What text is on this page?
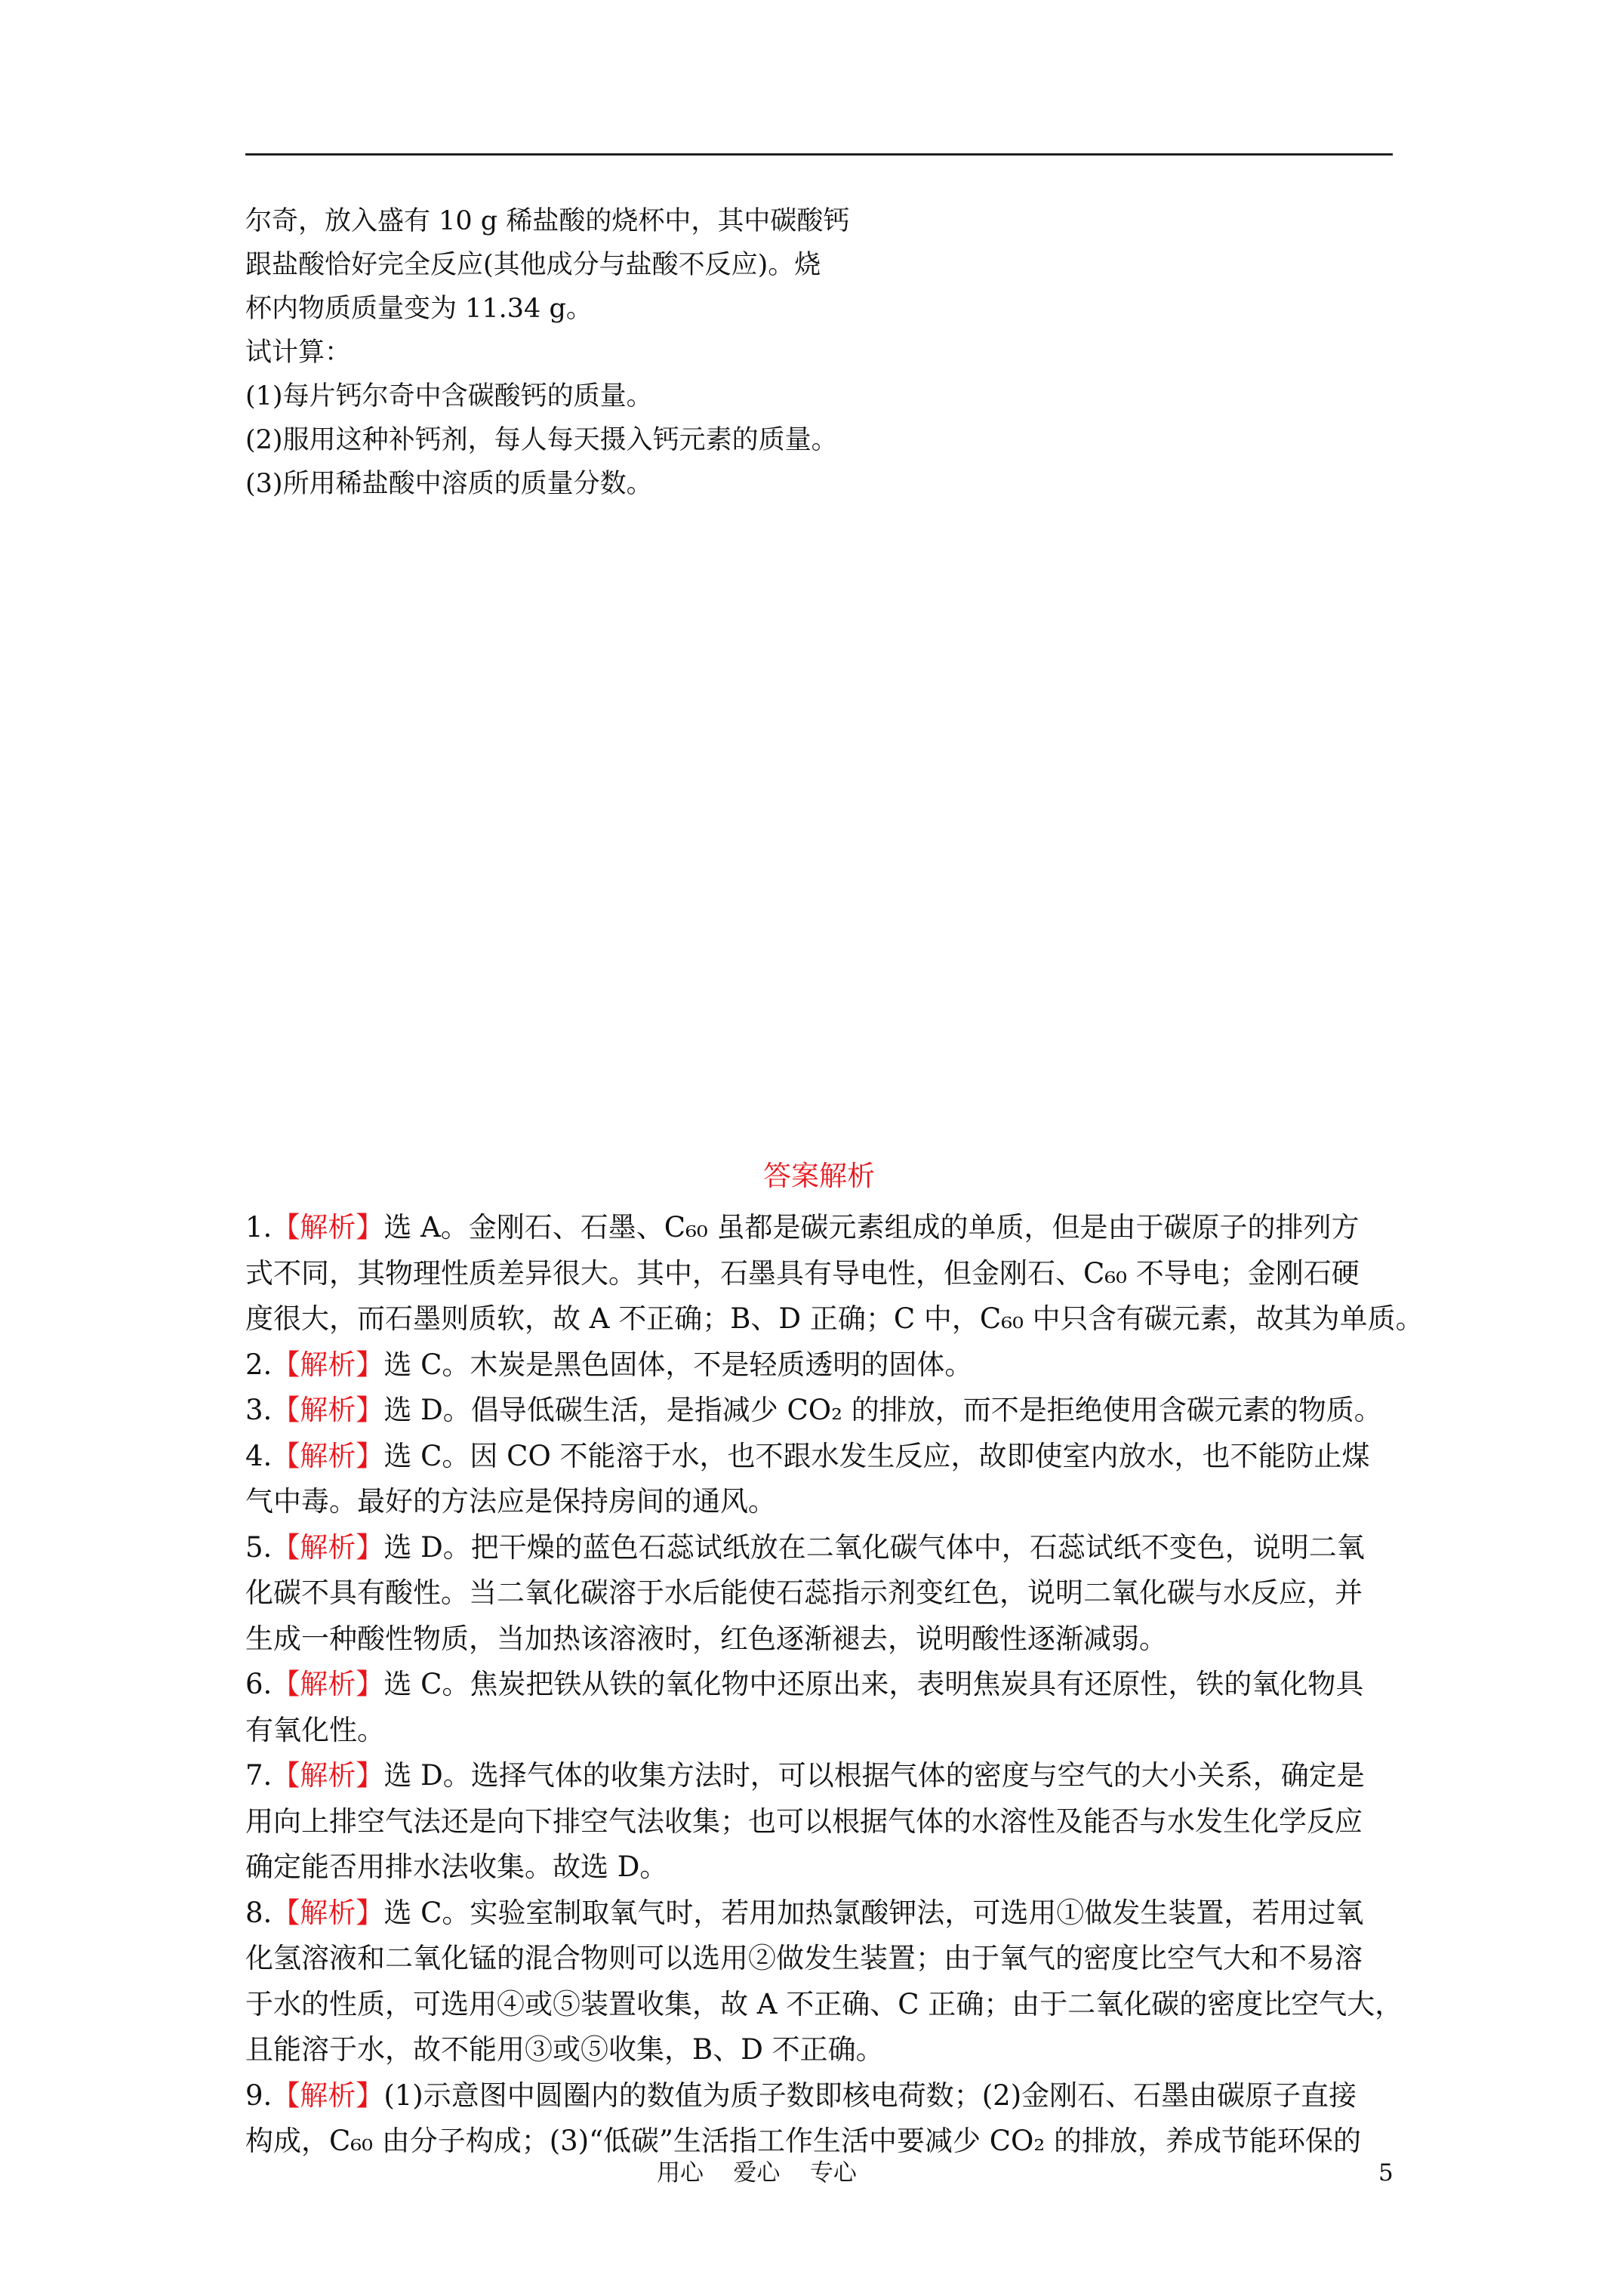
尔奇，放入盛有 10 g 稀盐酸的烧杯中，其中碳酸钙
跟盐酸恰好完全反应(其他成分与盐酸不反应)。烧
杯内物质质量变为 11.34 g。
试计算：
(1)每片钙尔奇中含碳酸钙的质量。
(2)服用这种补钙剂，每人每天摄入钙元素的质量。
(3)所用稀盐酸中溶质的质量分数。
答案解析
1.【解析】选 A。金刚石、石墨、C₆₀ 虽都是碳元素组成的单质，但是由于碳原子的排列方
式不同，其物理性质差异很大。其中，石墨具有导电性，但金刚石、C₆₀ 不导电；金刚石硬
度很大，而石墨则质软，故 A 不正确；B、D 正确；C 中，C₆₀ 中只含有碳元素，故其为单质。
2.【解析】选 C。木炭是黑色固体，不是轻质透明的固体。
3.【解析】选 D。倡导低碳生活，是指减少 CO₂ 的排放，而不是拒绝使用含碳元素的物质。
4.【解析】选 C。因 CO 不能溶于水，也不跟水发生反应，故即使室内放水，也不能防止煤
气中毒。最好的方法应是保持房间的通风。
5.【解析】选 D。把干燥的蓝色石蕊试纸放在二氧化碳气体中，石蕊试纸不变色，说明二氧
化碳不具有酸性。当二氧化碳溶于水后能使石蕊指示剂变红色，说明二氧化碳与水反应，并
生成一种酸性物质，当加热该溶液时，红色逐渐褪去，说明酸性逐渐减弱。
6.【解析】选 C。焦炭把铁从铁的氧化物中还原出来，表明焦炭具有还原性，铁的氧化物具
有氧化性。
7.【解析】选 D。选择气体的收集方法时，可以根据气体的密度与空气的大小关系，确定是
用向上排空气法还是向下排空气法收集；也可以根据气体的水溶性及能否与水发生化学反应
确定能否用排水法收集。故选 D。
8.【解析】选 C。实验室制取氧气时，若用加热氯酸钾法，可选用①做发生装置，若用过氧
化氢溶液和二氧化锰的混合物则可以选用②做发生装置；由于氧气的密度比空气大和不易溶
于水的性质，可选用④或⑤装置收集，故 A 不正确、C 正确；由于二氧化碳的密度比空气大，
且能溶于水，故不能用③或⑤收集，B、D 不正确。
9.【解析】(1)示意图中圆圈内的数值为质子数即核电荷数；(2)金刚石、石墨由碳原子直接
构成，C₆₀ 由分子构成；(3)“低碳”生活指工作生活中要减少 CO₂ 的排放，养成节能环保的
用心    爱心    专心	5
